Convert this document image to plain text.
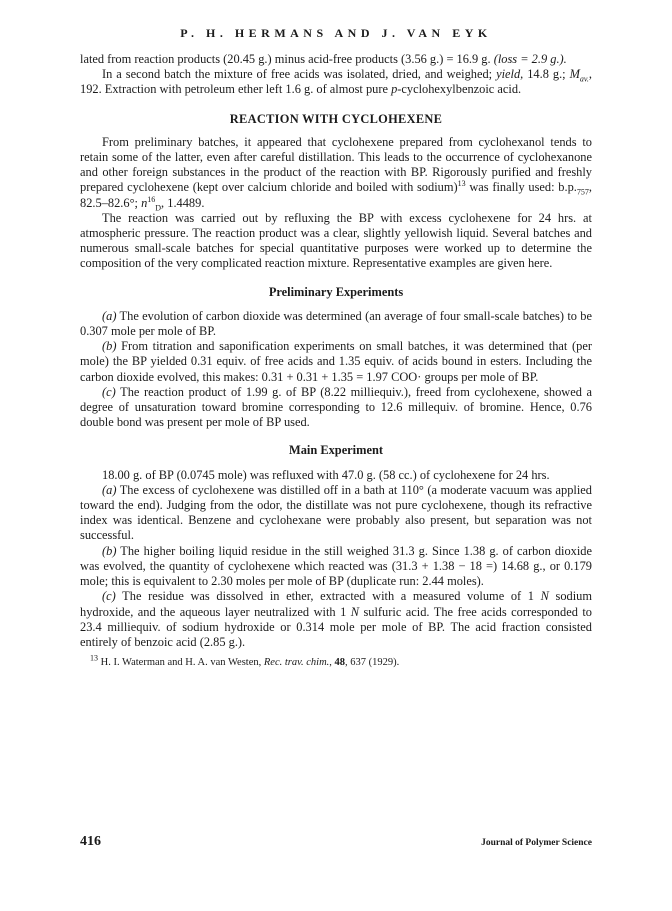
P. H. HERMANS AND J. VAN EYK

lated from reaction products (20.45 g.) minus acid-free products (3.56 g.) = 16.9 g. (loss = 2.9 g.).

In a second batch the mixture of free acids was isolated, dried, and weighed; yield, 14.8 g.; $M_{av.}$, 192. Extraction with petroleum ether left 1.6 g. of almost pure p-cyclohexylbenzoic acid.

REACTION WITH CYCLOHEXENE

From preliminary batches, it appeared that cyclohexene prepared from cyclohexanol tends to retain some of the latter, even after careful distillation. This leads to the occurrence of cyclohexanone and other foreign substances in the product of the reaction with BP. Rigorously purified and freshly prepared cyclohexene (kept over calcium chloride and boiled with sodium)$^{13}$ was finally used: $b.p._{757}$, 82.5–82.6°; $n^{16}_D$, 1.4489.

The reaction was carried out by refluxing the BP with excess cyclohexene for 24 hrs. at atmospheric pressure. The reaction product was a clear, slightly yellowish liquid. Several batches and numerous small-scale batches for special quantitative purposes were worked up to determine the composition of the very complicated reaction mixture. Representative examples are given here.

Preliminary Experiments

(a) The evolution of carbon dioxide was determined (an average of four small-scale batches) to be 0.307 mole per mole of BP.

(b) From titration and saponification experiments on small batches, it was determined that (per mole) the BP yielded 0.31 equiv. of free acids and 1.35 equiv. of acids bound in esters. Including the carbon dioxide evolved, this makes: 0.31 + 0.31 + 1.35 = 1.97 COO· groups per mole of BP.

(c) The reaction product of 1.99 g. of BP (8.22 milliequiv.), freed from cyclohexene, showed a degree of unsaturation toward bromine corresponding to 12.6 millequiv. of bromine. Hence, 0.76 double bond was present per mole of BP used.

Main Experiment

18.00 g. of BP (0.0745 mole) was refluxed with 47.0 g. (58 cc.) of cyclohexene for 24 hrs.

(a) The excess of cyclohexene was distilled off in a bath at 110° (a moderate vacuum was applied toward the end). Judging from the odor, the distillate was not pure cyclohexene, though its refractive index was identical. Benzene and cyclohexane were probably also present, but separation was not successful.

(b) The higher boiling liquid residue in the still weighed 31.3 g. Since 1.38 g. of carbon dioxide was evolved, the quantity of cyclohexene which reacted was (31.3 + 1.38 − 18 =) 14.68 g., or 0.179 mole; this is equivalent to 2.30 moles per mole of BP (duplicate run: 2.44 moles).

(c) The residue was dissolved in ether, extracted with a measured volume of 1 N sodium hydroxide, and the aqueous layer neutralized with 1 N sulfuric acid. The free acids corresponded to 23.4 milliequiv. of sodium hydroxide or 0.314 mole per mole of BP. The acid fraction consisted entirely of benzoic acid (2.85 g.).

$^{13}$ H. I. Waterman and H. A. van Westen, Rec. trav. chim., 48, 637 (1929).

416	Journal of Polymer Science
